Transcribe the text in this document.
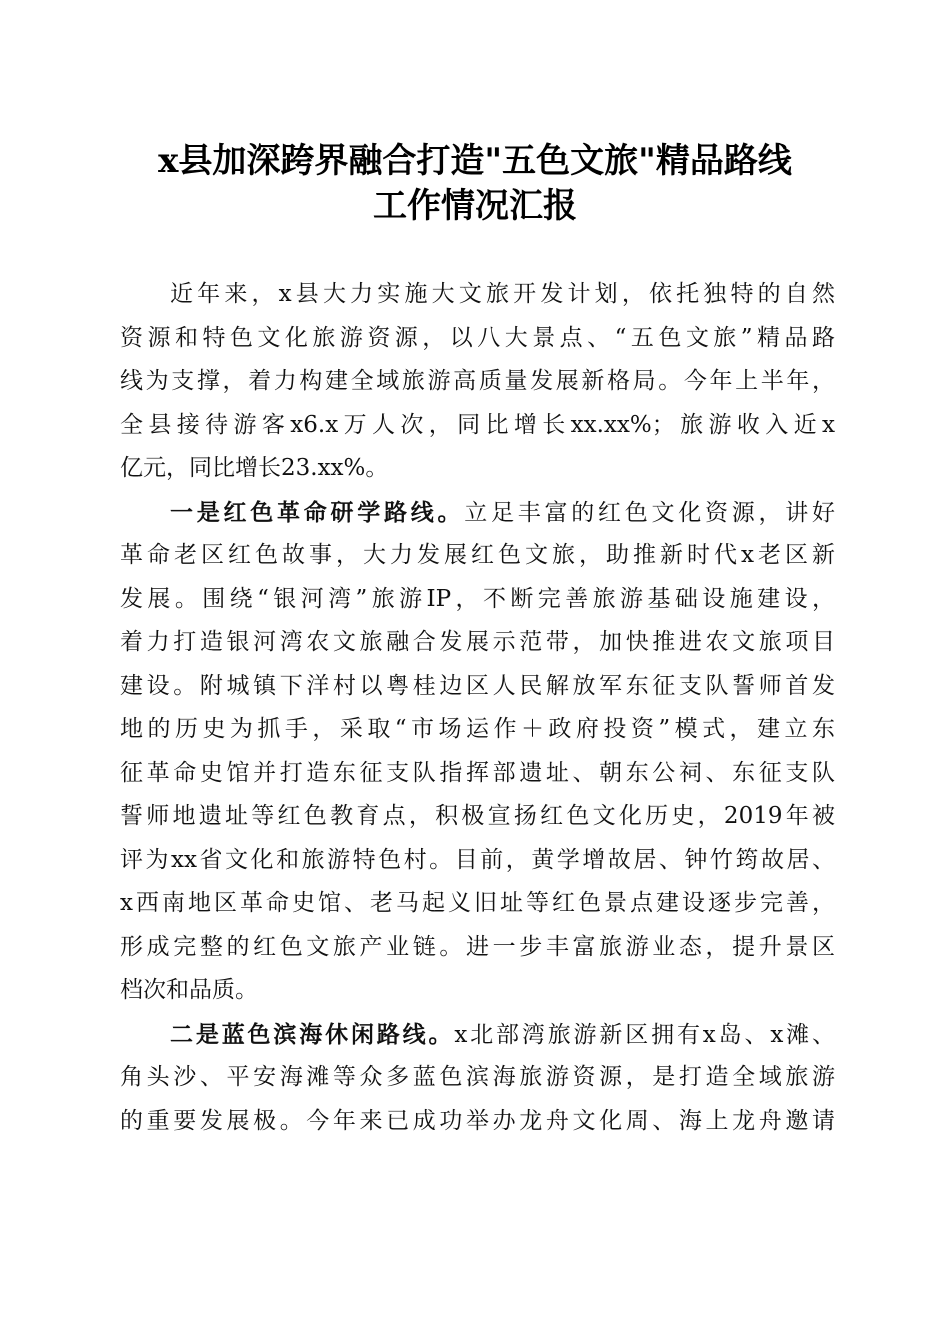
x县加深跨界融合打造"五色文旅"精品路线
工作情况汇报
近年来，x县大力实施大文旅开发计划，依托独特的自然
资源和特色文化旅游资源，以八大景点、“五色文旅”精品路
线为支撑，着力构建全域旅游高质量发展新格局。今年上半年，
全县接待游客x6.x万人次，同比增长xx.xx%；旅游收入近x
亿元，同比增长23.xx%。
一是红色革命研学路线。立足丰富的红色文化资源，讲好
革命老区红色故事，大力发展红色文旅，助推新时代x老区新
发展。围绕“银河湾”旅游IP，不断完善旅游基础设施建设，
着力打造银河湾农文旅融合发展示范带，加快推进农文旅项目
建设。附城镇下洋村以粤桂边区人民解放军东征支队誓师首发
地的历史为抓手，采取“市场运作＋政府投资”模式，建立东
征革命史馆并打造东征支队指挥部遗址、朝东公祠、东征支队
誓师地遗址等红色教育点，积极宣扬红色文化历史，2019年被
评为xx省文化和旅游特色村。目前，黄学增故居、钟竹筠故居、
x西南地区革命史馆、老马起义旧址等红色景点建设逐步完善，
形成完整的红色文旅产业链。进一步丰富旅游业态，提升景区
档次和品质。
二是蓝色滨海休闲路线。x北部湾旅游新区拥有x岛、x滩、
角头沙、平安海滩等众多蓝色滨海旅游资源，是打造全域旅游
的重要发展极。今年来已成功举办龙舟文化周、海上龙舟邀请
